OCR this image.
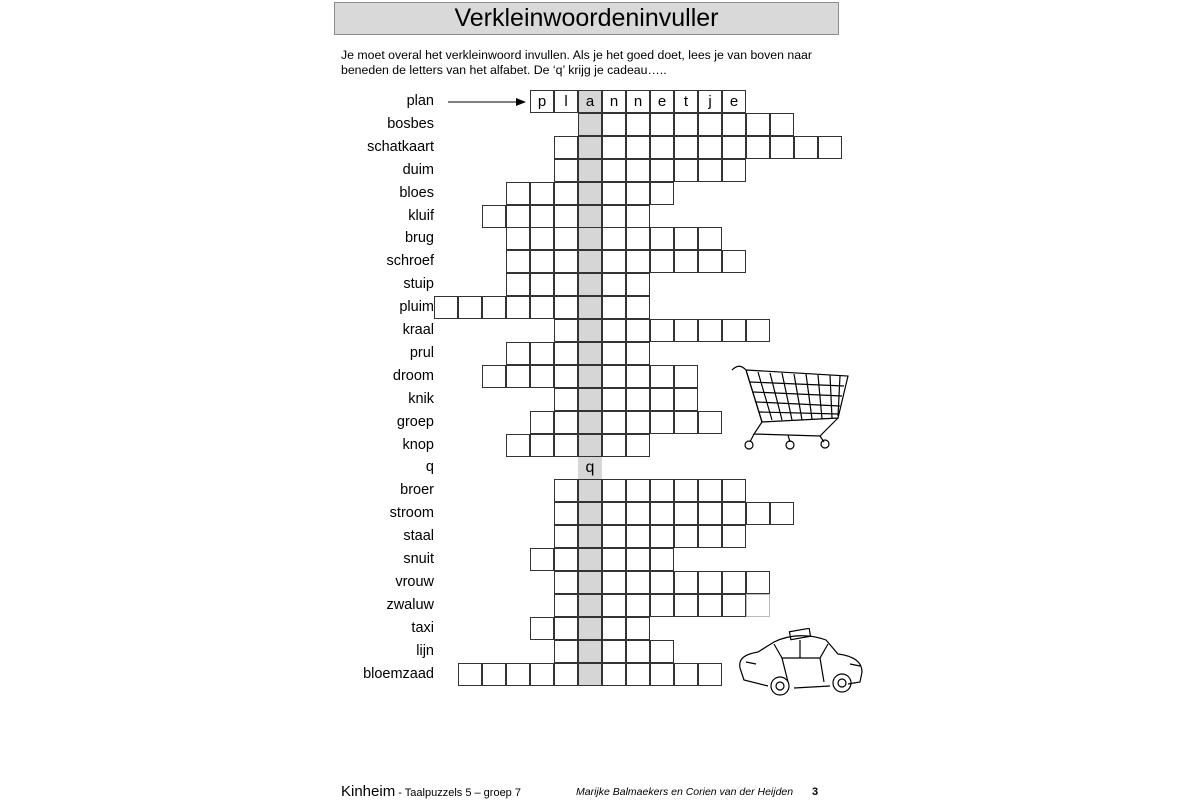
Verkleinwoordeninvuller
Je moet overal het verkleinwoord invullen. Als je het goed doet, lees je van boven naar beneden de letters van het alfabet. De ‘q’ krijg je cadeau…..
plan	p	l	a	n	n	e	t	j	e
bosbes
schatkaart
duim
bloes
kluif
brug
schroef
stuip
pluim
kraal
prul
droom
knik
groep
knop
q	q
broer
stroom
staal
snuit
vrouw
zwaluw
taxi
lijn
bloemzaad
Kinheim - Taalpuzzels 5 – groep 7	Marijke Balmaekers en Corien van der Heijden 3
